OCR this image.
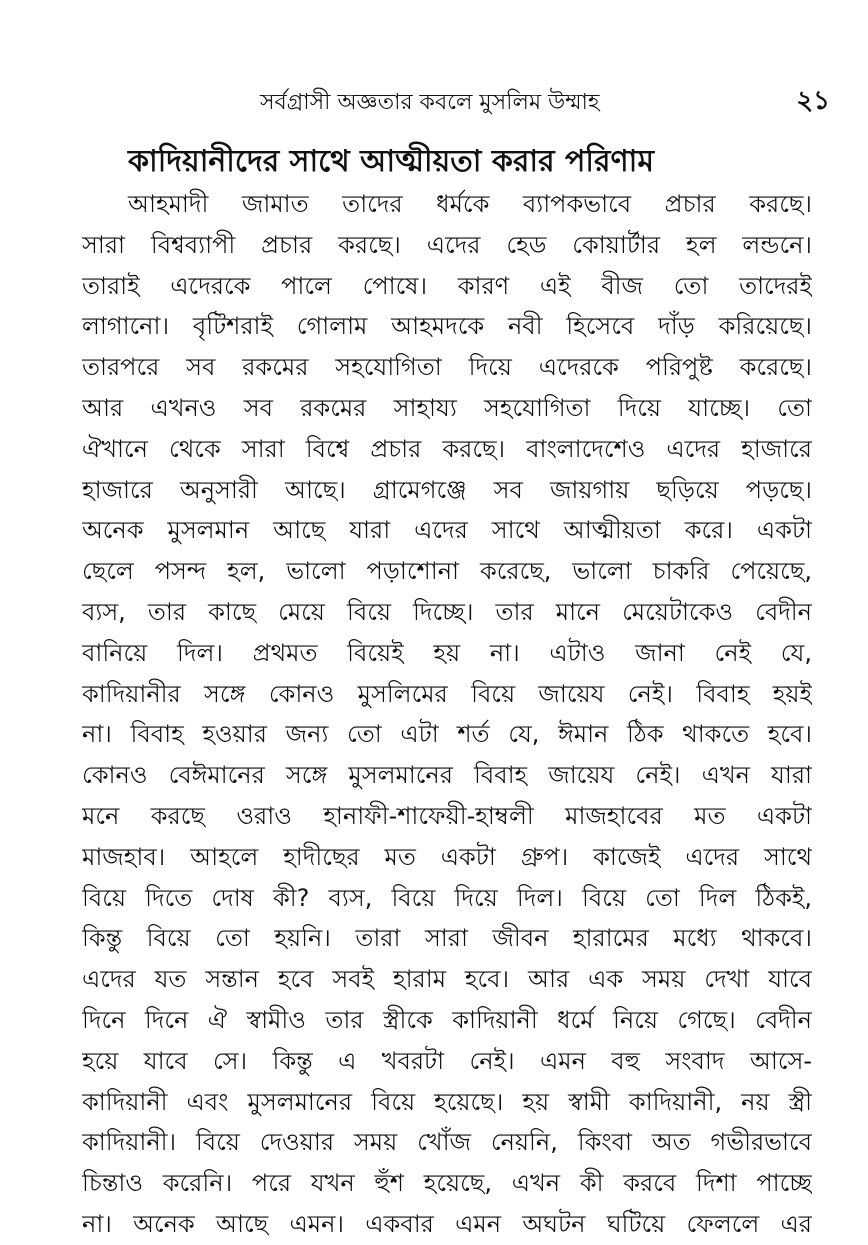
সর্বগ্রাসী অজ্ঞতার কবলে মুসলিম উম্মাহ	২১
কাদিয়ানীদের সাথে আত্মীয়তা করার পরিণাম
আহমাদী জামাত তাদের ধর্মকে ব্যাপকভাবে প্রচার করছে।
সারা বিশ্বব্যাপী প্রচার করছে। এদের হেড কোয়ার্টার হল লন্ডনে।
তারাই এদেরকে পালে পোষে। কারণ এই বীজ তো তাদেরই
লাগানো। বৃটিশরাই গোলাম আহমদকে নবী হিসেবে দাঁড় করিয়েছে।
তারপরে সব রকমের সহযোগিতা দিয়ে এদেরকে পরিপুষ্ট করেছে।
আর এখনও সব রকমের সাহায্য সহযোগিতা দিয়ে যাচ্ছে। তো
ঐখানে থেকে সারা বিশ্বে প্রচার করছে। বাংলাদেশেও এদের হাজারে
হাজারে অনুসারী আছে। গ্রামেগঞ্জে সব জায়গায় ছড়িয়ে পড়ছে।
অনেক মুসলমান আছে যারা এদের সাথে আত্মীয়তা করে। একটা
ছেলে পসন্দ হল, ভালো পড়াশোনা করেছে, ভালো চাকরি পেয়েছে,
ব্যস, তার কাছে মেয়ে বিয়ে দিচ্ছে। তার মানে মেয়েটাকেও বেদীন
বানিয়ে দিল। প্রথমত বিয়েই হয় না। এটাও জানা নেই যে,
কাদিয়ানীর সঙ্গে কোনও মুসলিমের বিয়ে জায়েয নেই। বিবাহ হয়ই
না। বিবাহ হওয়ার জন্য তো এটা শর্ত যে, ঈমান ঠিক থাকতে হবে।
কোনও বেঈমানের সঙ্গে মুসলমানের বিবাহ জায়েয নেই। এখন যারা
মনে করছে ওরাও হানাফী-শাফেয়ী-হাম্বলী মাজহাবের মত একটা
মাজহাব। আহলে হাদীছের মত একটা গ্রুপ। কাজেই এদের সাথে
বিয়ে দিতে দোষ কী? ব্যস, বিয়ে দিয়ে দিল। বিয়ে তো দিল ঠিকই,
কিন্তু বিয়ে তো হয়নি। তারা সারা জীবন হারামের মধ্যে থাকবে।
এদের যত সন্তান হবে সবই হারাম হবে। আর এক সময় দেখা যাবে
দিনে দিনে ঐ স্বামীও তার স্ত্রীকে কাদিয়ানী ধর্মে নিয়ে গেছে। বেদীন
হয়ে যাবে সে। কিন্তু এ খবরটা নেই। এমন বহু সংবাদ আসে-
কাদিয়ানী এবং মুসলমানের বিয়ে হয়েছে। হয় স্বামী কাদিয়ানী, নয় স্ত্রী
কাদিয়ানী। বিয়ে দেওয়ার সময় খোঁজ নেয়নি, কিংবা অত গভীরভাবে
চিন্তাও করেনি। পরে যখন হুঁশ হয়েছে, এখন কী করবে দিশা পাচ্ছে
না। অনেক আছে এমন। একবার এমন অঘটন ঘটিয়ে ফেললে এর
